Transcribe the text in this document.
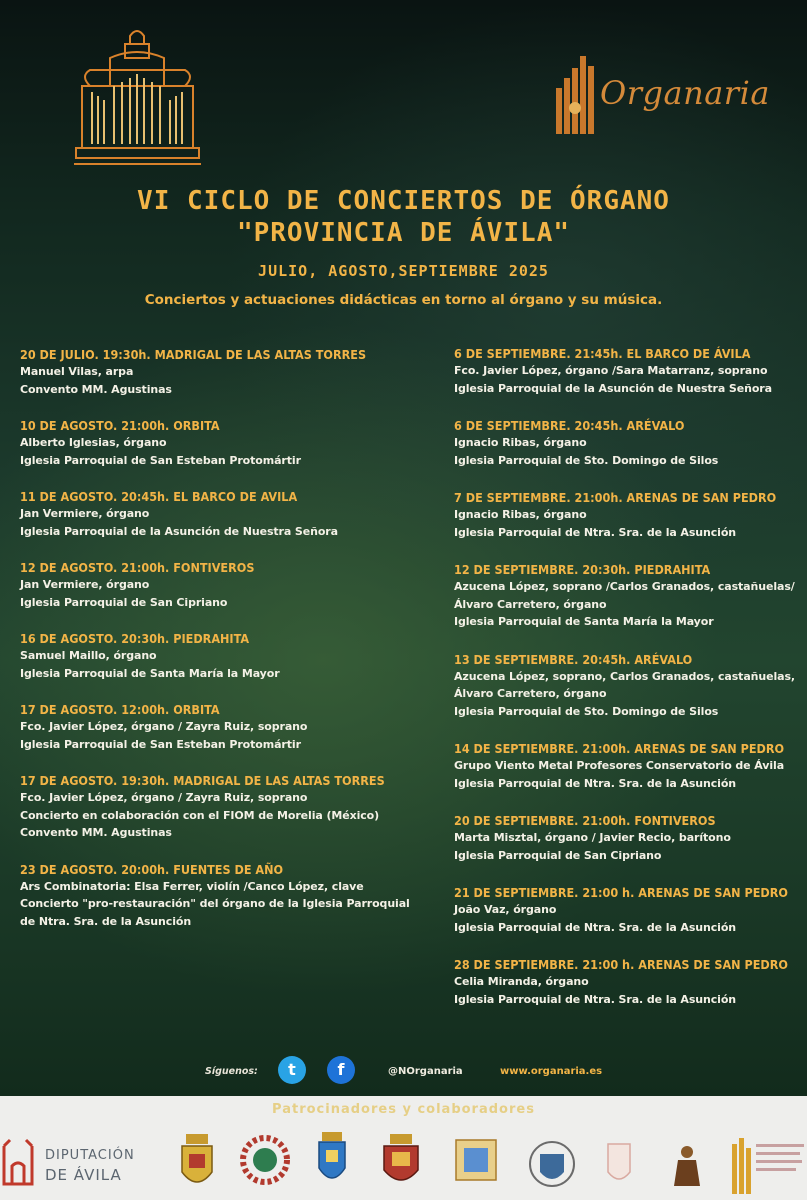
Organaria
VI CICLO DE CONCIERTOS DE ÓRGANO
"PROVINCIA DE ÁVILA"
JULIO, AGOSTO,SEPTIEMBRE 2025
Conciertos y actuaciones didácticas en torno al órgano y su música.
20 DE JULIO. 19:30h. MADRIGAL DE LAS ALTAS TORRES
Manuel Vilas, arpa
Convento MM. Agustinas
10 DE AGOSTO. 21:00h. ORBITA
Alberto Iglesias, órgano
Iglesia Parroquial de San Esteban Protomártir
11 DE AGOSTO. 20:45h. EL BARCO DE AVILA
Jan Vermiere, órgano
Iglesia Parroquial de la Asunción de Nuestra Señora
12 DE AGOSTO. 21:00h. FONTIVEROS
Jan Vermiere, órgano
Iglesia Parroquial de San Cipriano
16 DE AGOSTO. 20:30h. PIEDRAHITA
Samuel Maillo, órgano
Iglesia Parroquial de Santa María la Mayor
17 DE AGOSTO. 12:00h. ORBITA
Fco. Javier López, órgano / Zayra Ruiz, soprano
Iglesia Parroquial de San Esteban Protomártir
17 DE AGOSTO. 19:30h. MADRIGAL DE LAS ALTAS TORRES
Fco. Javier López, órgano / Zayra Ruiz, soprano
Concierto en colaboración con el FIOM de Morelia (México)
Convento MM. Agustinas
23 DE AGOSTO. 20:00h. FUENTES DE AÑO
Ars Combinatoria: Elsa Ferrer, violín /Canco López, clave
Concierto "pro-restauración" del órgano de la Iglesia Parroquial
de Ntra. Sra. de la Asunción
6 DE SEPTIEMBRE. 21:45h. EL BARCO DE ÁVILA
Fco. Javier López, órgano /Sara Matarranz, soprano
Iglesia Parroquial de la Asunción de Nuestra Señora
6 DE SEPTIEMBRE. 20:45h. ARÉVALO
Ignacio Ribas, órgano
Iglesia Parroquial de Sto. Domingo de Silos
7 DE SEPTIEMBRE. 21:00h. ARENAS DE SAN PEDRO
Ignacio Ribas, órgano
Iglesia Parroquial de Ntra. Sra. de la Asunción
12 DE SEPTIEMBRE. 20:30h. PIEDRAHITA
Azucena López, soprano /Carlos Granados, castañuelas/
Álvaro Carretero, órgano
Iglesia Parroquial de Santa María la Mayor
13 DE SEPTIEMBRE. 20:45h. ARÉVALO
Azucena López, soprano, Carlos Granados, castañuelas,
Álvaro Carretero, órgano
Iglesia Parroquial de Sto. Domingo de Silos
14 DE SEPTIEMBRE. 21:00h. ARENAS DE SAN PEDRO
Grupo Viento Metal Profesores Conservatorio de Ávila
Iglesia Parroquial de Ntra. Sra. de la Asunción
20 DE SEPTIEMBRE. 21:00h. FONTIVEROS
Marta Misztal, órgano / Javier Recio, barítono
Iglesia Parroquial de San Cipriano
21 DE SEPTIEMBRE. 21:00 h. ARENAS DE SAN PEDRO
João Vaz, órgano
Iglesia Parroquial de Ntra. Sra. de la Asunción
28 DE SEPTIEMBRE. 21:00 h. ARENAS DE SAN PEDRO
Celia Miranda, órgano
Iglesia Parroquial de Ntra. Sra. de la Asunción
Síguenos:	t	f	@NOrganaria	www.organaria.es
Patrocinadores y colaboradores
DIPUTACIÓN
DE ÁVILA
